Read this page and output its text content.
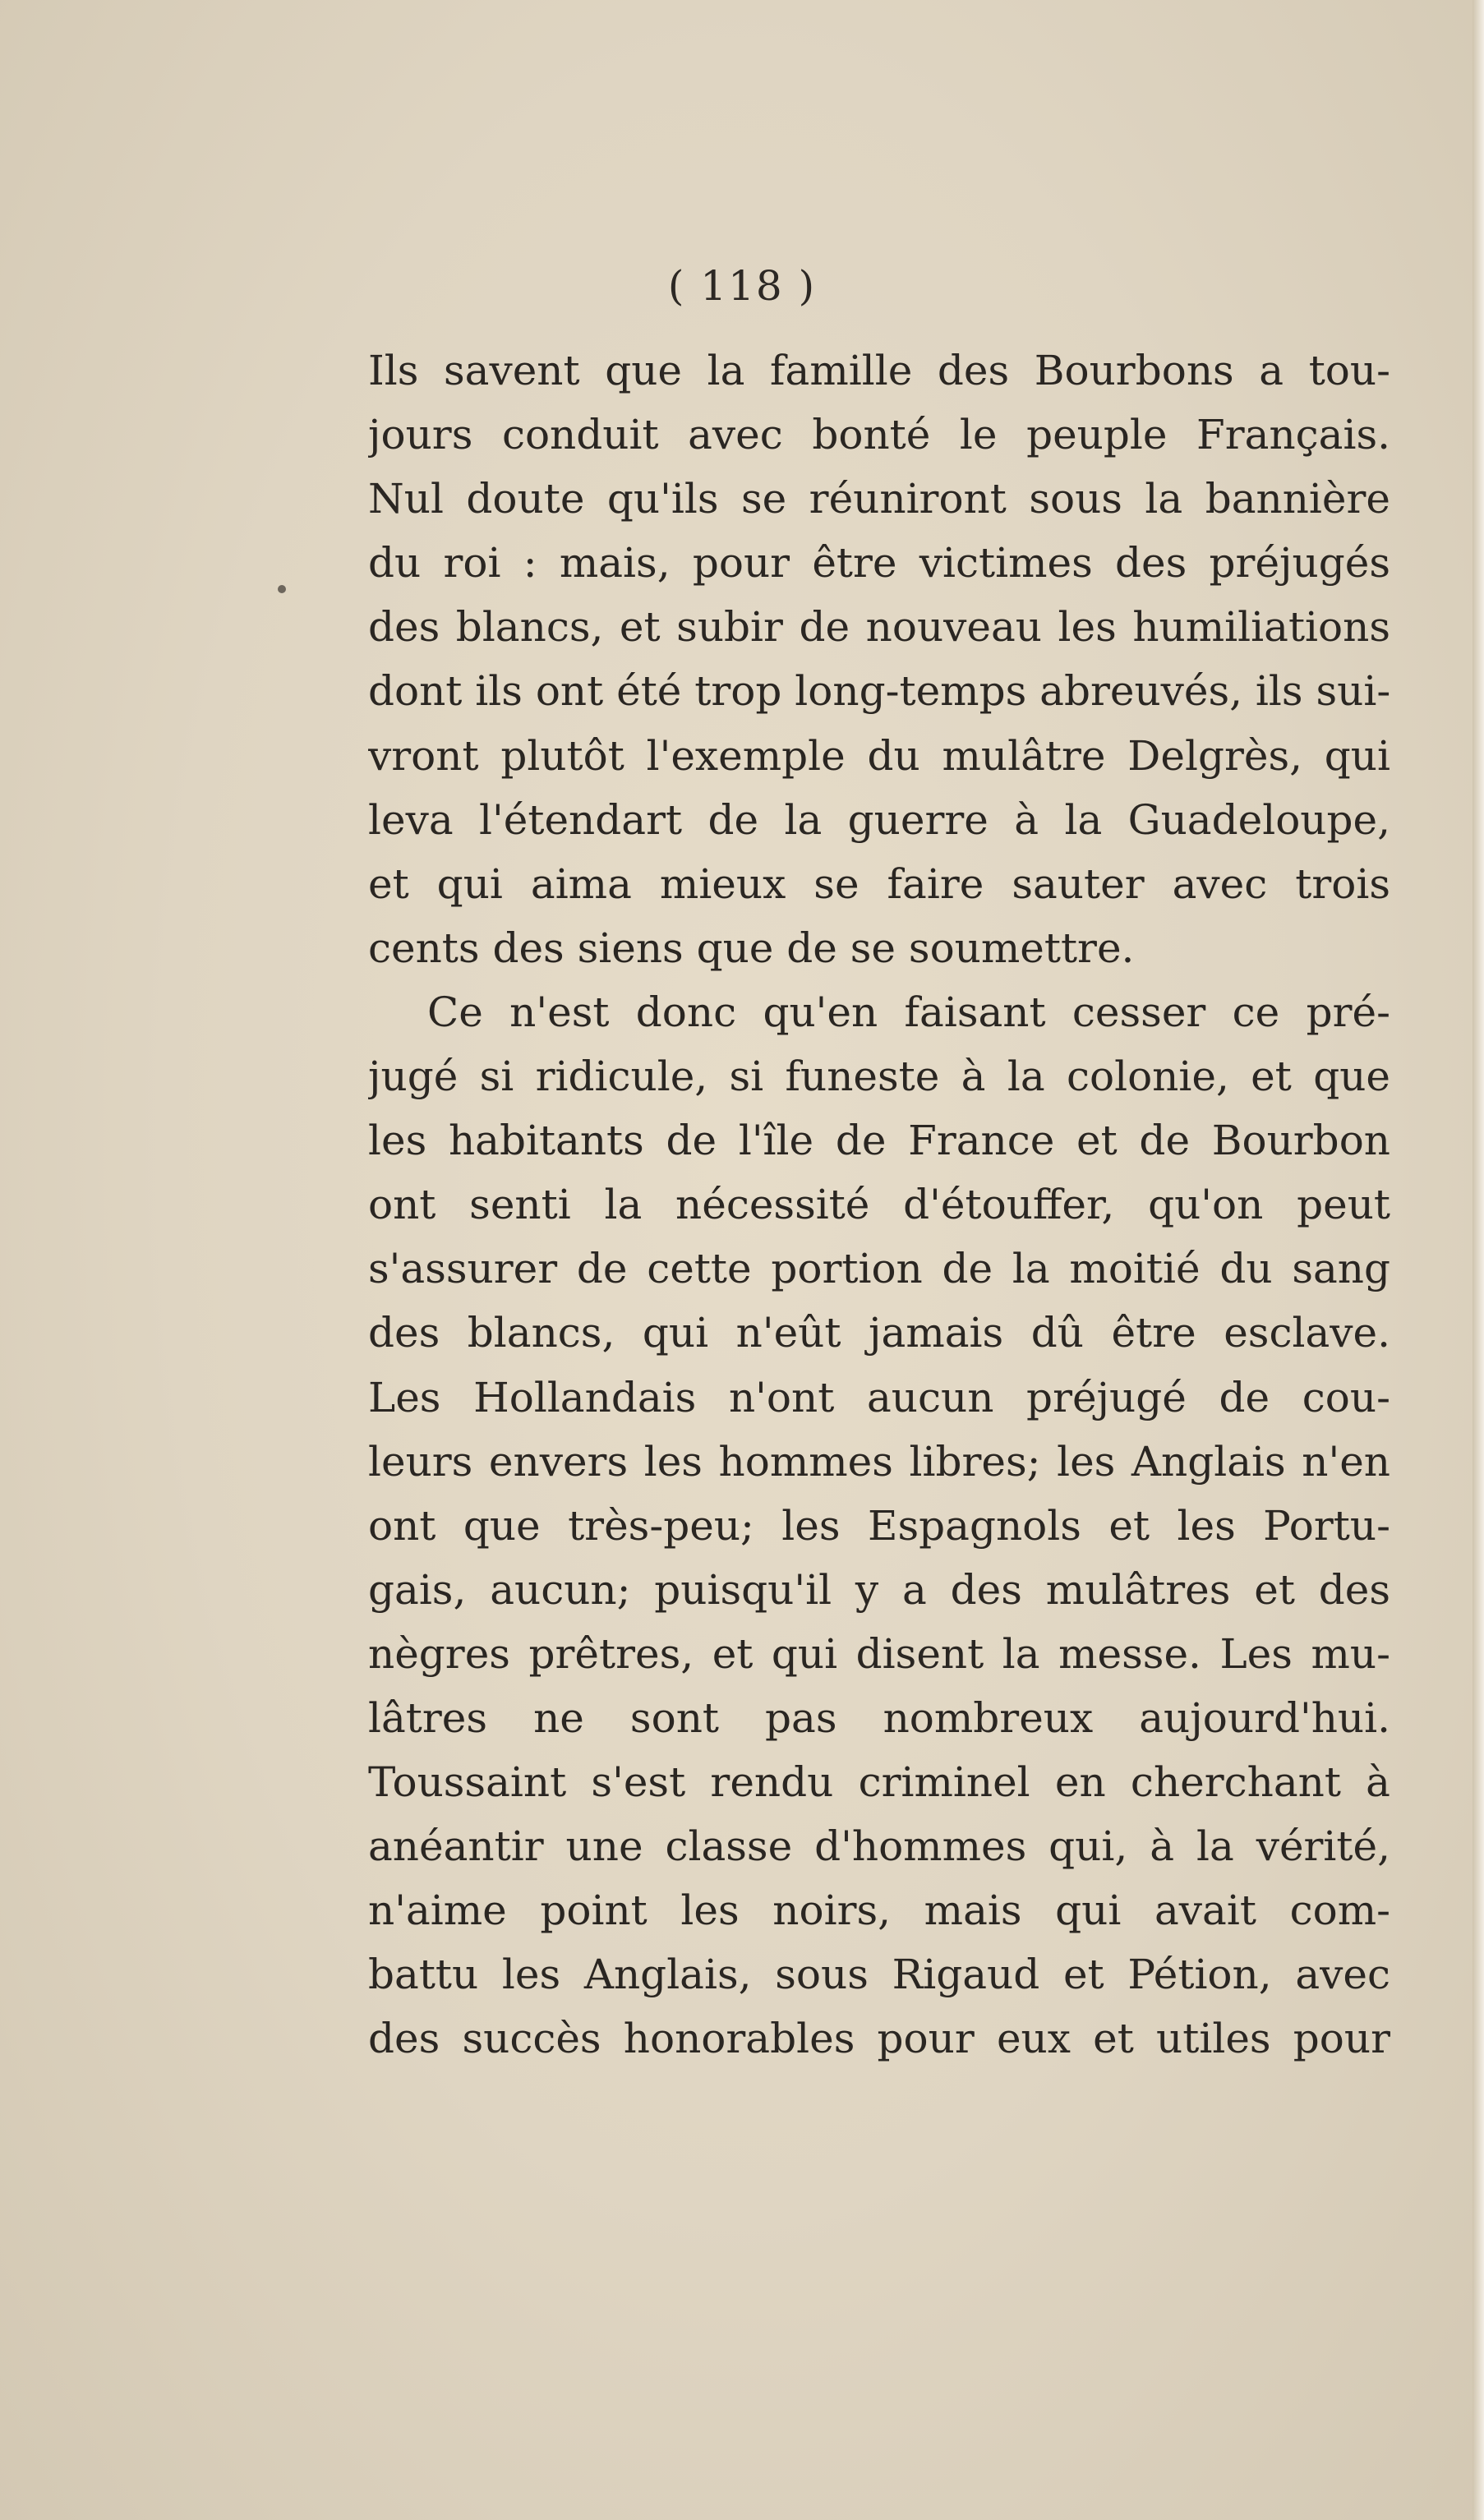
( 118 )
Ils savent que la famille des Bourbons a tou-
jours conduit avec bonté le peuple Français.
Nul doute qu'ils se réuniront sous la bannière
du roi : mais, pour être victimes des préjugés
des blancs, et subir de nouveau les humiliations
dont ils ont été trop long-temps abreuvés, ils sui-
vront plutôt l'exemple du mulâtre Delgrès, qui
leva l'étendart de la guerre à la Guadeloupe,
et qui aima mieux se faire sauter avec trois
cents des siens que de se soumettre.
Ce n'est donc qu'en faisant cesser ce pré-
jugé si ridicule, si funeste à la colonie, et que
les habitants de l'île de France et de Bourbon
ont senti la nécessité d'étouffer, qu'on peut
s'assurer de cette portion de la moitié du sang
des blancs, qui n'eût jamais dû être esclave.
Les Hollandais n'ont aucun préjugé de cou-
leurs envers les hommes libres; les Anglais n'en
ont que très-peu; les Espagnols et les Portu-
gais, aucun; puisqu'il y a des mulâtres et des
nègres prêtres, et qui disent la messe. Les mu-
lâtres ne sont pas nombreux aujourd'hui.
Toussaint s'est rendu criminel en cherchant à
anéantir une classe d'hommes qui, à la vérité,
n'aime point les noirs, mais qui avait com-
battu les Anglais, sous Rigaud et Pétion, avec
des succès honorables pour eux et utiles pour
